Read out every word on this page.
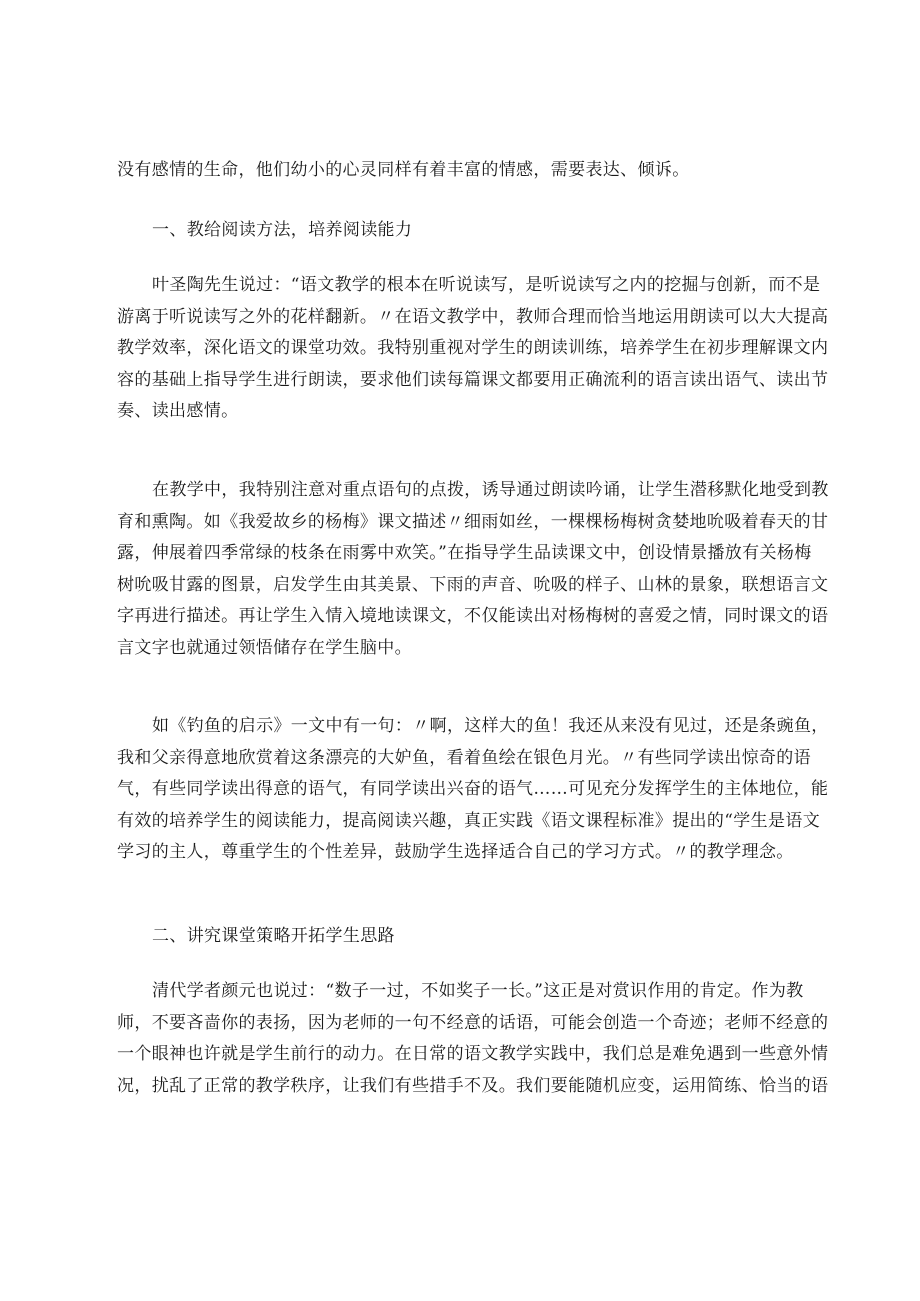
没有感情的生命，他们幼小的心灵同样有着丰富的情感，需要表达、倾诉。
一、教给阅读方法，培养阅读能力
叶圣陶先生说过：“语文教学的根本在听说读写，是听说读写之内的挖掘与创新，而不是
游离于听说读写之外的花样翻新。〃在语文教学中，教师合理而恰当地运用朗读可以大大提高
教学效率，深化语文的课堂功效。我特别重视对学生的朗读训练，培养学生在初步理解课文内
容的基础上指导学生进行朗读，要求他们读每篇课文都要用正确流利的语言读出语气、读出节
奏、读出感情。
在教学中，我特别注意对重点语句的点拨，诱导通过朗读吟诵，让学生潜移默化地受到教
育和熏陶。如《我爱故乡的杨梅》课文描述〃细雨如丝，一棵棵杨梅树贪婪地吮吸着春天的甘
露，伸展着四季常绿的枝条在雨雾中欢笑。”在指导学生品读课文中，创设情景播放有关杨梅
树吮吸甘露的图景，启发学生由其美景、下雨的声音、吮吸的样子、山林的景象，联想语言文
字再进行描述。再让学生入情入境地读课文，不仅能读出对杨梅树的喜爱之情，同时课文的语
言文字也就通过领悟储存在学生脑中。
如《钓鱼的启示》一文中有一句：〃啊，这样大的鱼！我还从来没有见过，还是条豌鱼，
我和父亲得意地欣赏着这条漂亮的大妒鱼，看着鱼绘在银色月光。〃有些同学读出惊奇的语
气，有些同学读出得意的语气，有同学读出兴奋的语气……可见充分发挥学生的主体地位，能
有效的培养学生的阅读能力，提高阅读兴趣，真正实践《语文课程标准》提出的“学生是语文
学习的主人，尊重学生的个性差异，鼓励学生选择适合自己的学习方式。〃的教学理念。
二、讲究课堂策略开拓学生思路
清代学者颜元也说过：“数子一过，不如奖子一长。”这正是对赏识作用的肯定。作为教
师，不要吝啬你的表扬，因为老师的一句不经意的话语，可能会创造一个奇迹；老师不经意的
一个眼神也许就是学生前行的动力。在日常的语文教学实践中，我们总是难免遇到一些意外情
况，扰乱了正常的教学秩序，让我们有些措手不及。我们要能随机应变，运用简练、恰当的语
